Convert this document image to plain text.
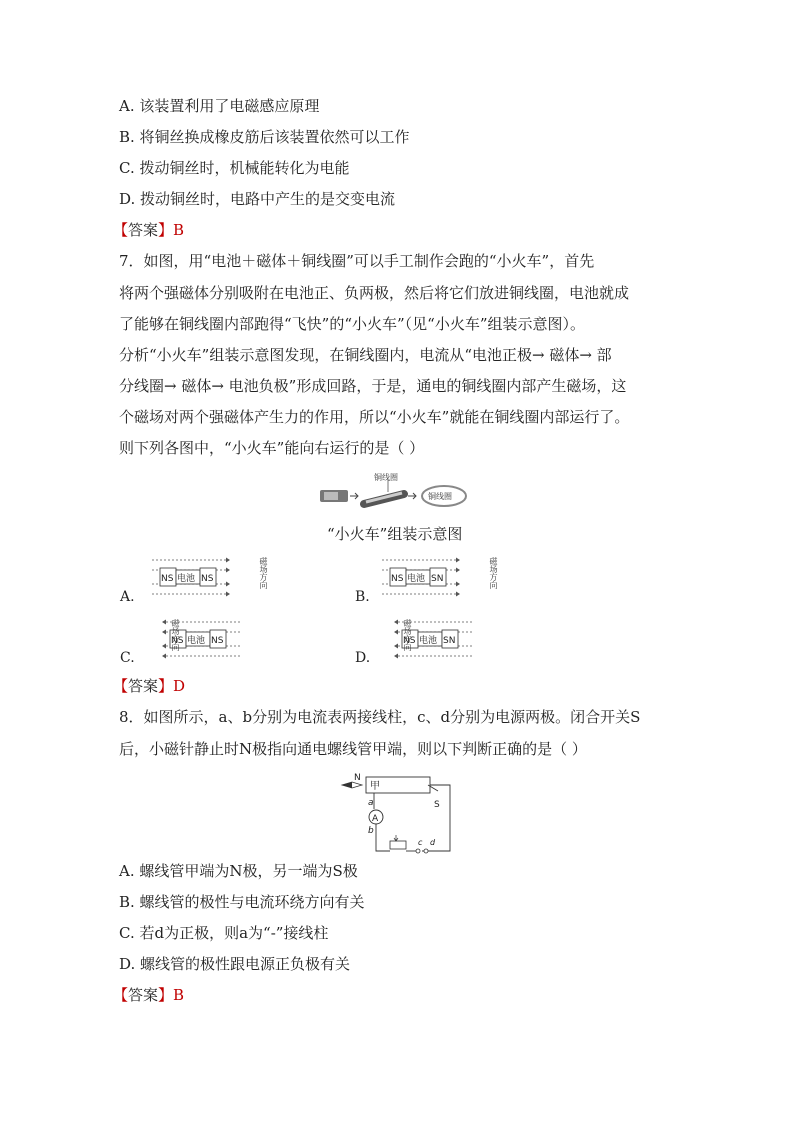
A. 该装置利用了电磁感应原理
B. 将铜丝换成橡皮筋后该装置依然可以工作
C. 拨动铜丝时，机械能转化为电能
D. 拨动铜丝时，电路中产生的是交变电流
【答案】B
7．如图，用“电池＋磁体＋铜线圈”可以手工制作会跑的“小火车”，首先
将两个强磁体分别吸附在电池正、负两极，然后将它们放进铜线圈，电池就成
了能够在铜线圈内部跑得“飞快”的“小火车”（见“小火车”组装示意图）。
分析“小火车”组装示意图发现，在铜线圈内，电流从“电池正极→ 磁体→ 部
分线圈→ 磁体→ 电池负极”形成回路，于是，通电的铜线圈内部产生磁场，这
个磁场对两个强磁体产生力的作用，所以“小火车”就能在铜线圈内部运行了。
则下列各图中，“小火车”能向右运行的是（ ）
铜线圈
铜线圈
“小火车”组装示意图
A.
NS 电池 NS
磁场方向
B.
NS 电池 SN
磁场方向
C.
NS 电池 NS
磁场方向
D.
NS 电池 SN
磁场方向
【答案】D
8．如图所示，a、b分别为电流表两接线柱，c、d分别为电源两极。闭合开关S
后，小磁针静止时N极指向通电螺线管甲端，则以下判断正确的是（ ）
N
甲
a
A
b
c d
S
A. 螺线管甲端为N极，另一端为S极
B. 螺线管的极性与电流环绕方向有关
C. 若d为正极，则a为“-”接线柱
D. 螺线管的极性跟电源正负极有关
【答案】B
